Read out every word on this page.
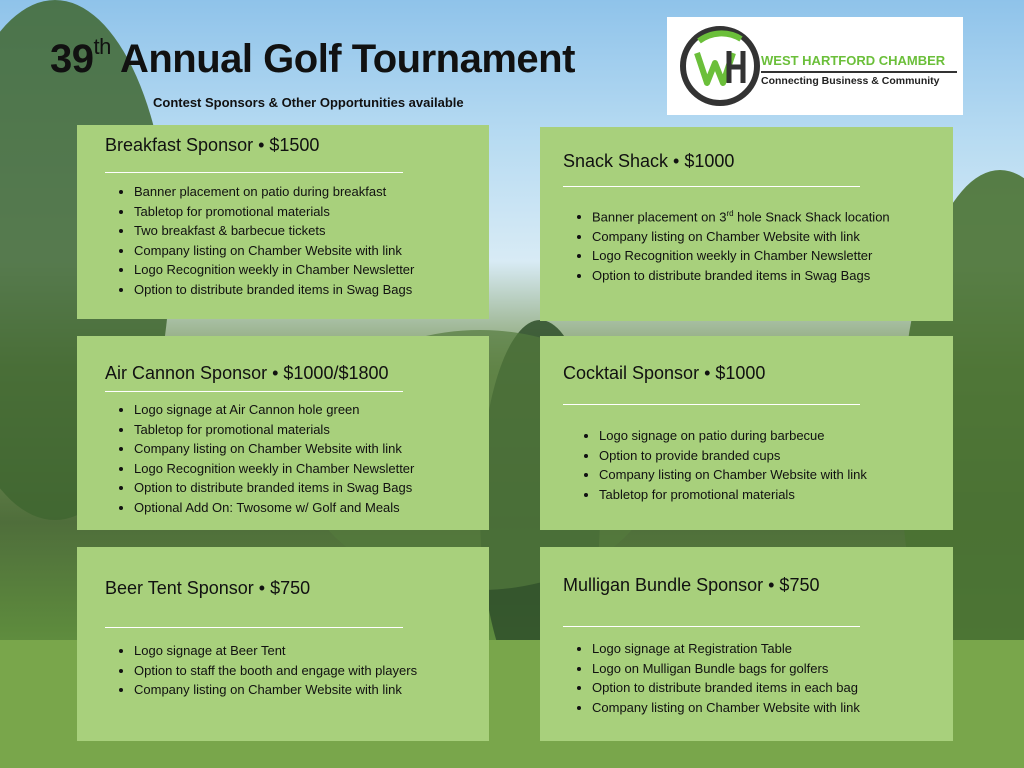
39th Annual Golf Tournament
Contest Sponsors & Other Opportunities available
WEST HARTFORD CHAMBER
Connecting Business & Community
Breakfast Sponsor • $1500
• Banner placement on patio during breakfast
• Tabletop for promotional materials
• Two breakfast & barbecue tickets
• Company listing on Chamber Website with link
• Logo Recognition weekly in Chamber Newsletter
• Option to distribute branded items in Swag Bags
Snack Shack • $1000
• Banner placement on 3rd hole Snack Shack location
• Company listing on Chamber Website with link
• Logo Recognition weekly in Chamber Newsletter
• Option to distribute branded items in Swag Bags
Air Cannon Sponsor • $1000/$1800
• Logo signage at Air Cannon hole green
• Tabletop for promotional materials
• Company listing on Chamber Website with link
• Logo Recognition weekly in Chamber Newsletter
• Option to distribute branded items in Swag Bags
• Optional Add On: Twosome w/ Golf and Meals
Cocktail Sponsor • $1000
• Logo signage on patio during barbecue
• Option to provide branded cups
• Company listing on Chamber Website with link
• Tabletop for promotional materials
Beer Tent Sponsor • $750
• Logo signage at Beer Tent
• Option to staff the booth and engage with players
• Company listing on Chamber Website with link
Mulligan Bundle Sponsor • $750
• Logo signage at Registration Table
• Logo on Mulligan Bundle bags for golfers
• Option to distribute branded items in each bag
• Company listing on Chamber Website with link
